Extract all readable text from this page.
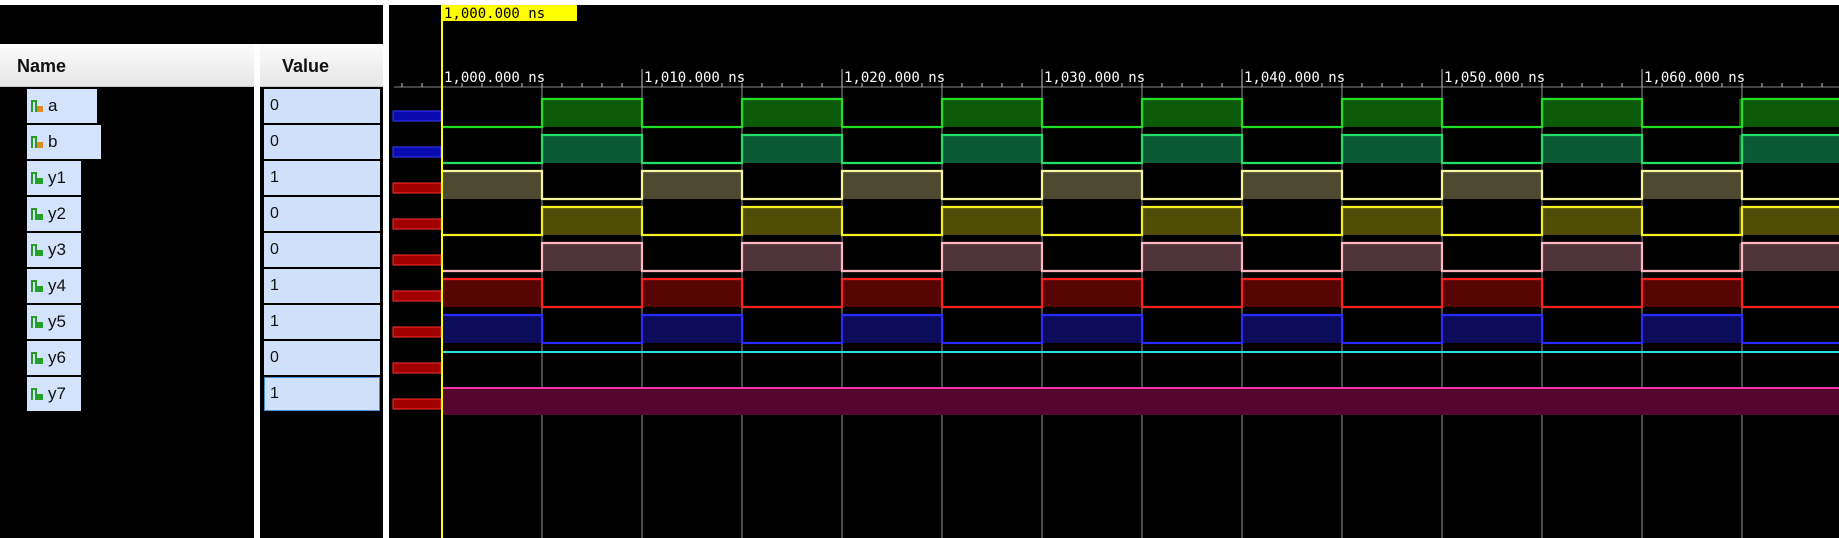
Name	Value
a	0
b	0
y1	1
y2	0
y3	0
y4	1
y5	1
y6	0
y7	1
1,000.000 ns	1,010.000 ns	1,020.000 ns	1,030.000 ns	1,040.000 ns	1,050.000 ns	1,060.000 ns
1,000.000 ns
